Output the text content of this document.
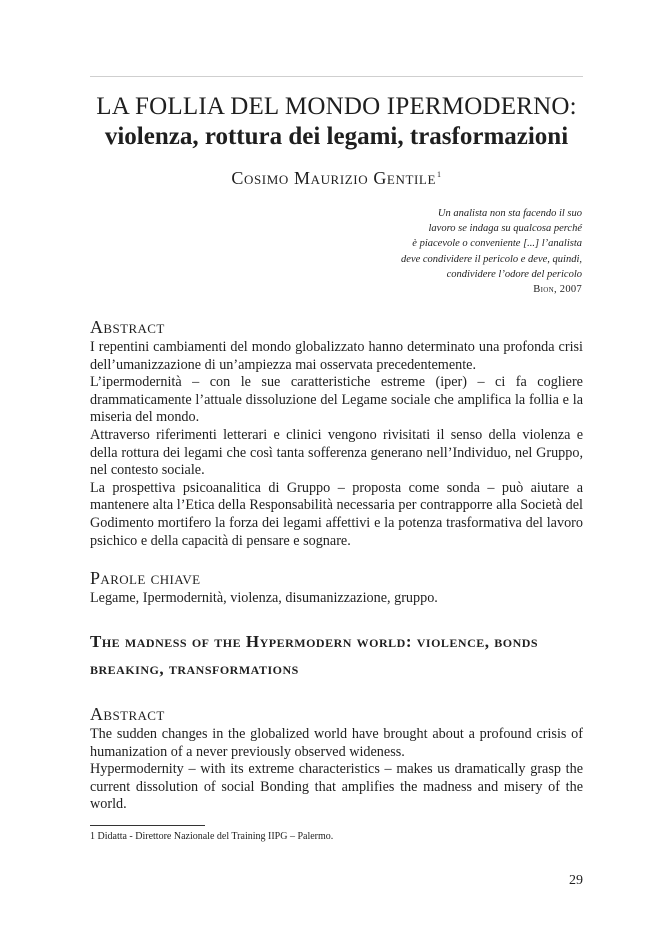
LA FOLLIA DEL MONDO IPERMODERNO:
violenza, rottura dei legami, trasformazioni
Cosimo Maurizio Gentile$^1$
Un analista non sta facendo il suo
lavoro se indaga su qualcosa perché
è piacevole o conveniente [...] l’analista
deve condividere il pericolo e deve, quindi,
condividere l’odore del pericolo
Bion, 2007
Abstract

I repentini cambiamenti del mondo globalizzato hanno determinato una profonda crisi dell’umanizzazione di un’ampiezza mai osservata precedentemente.

L’ipermodernità – con le sue caratteristiche estreme (iper) – ci fa cogliere drammaticamente l’attuale dissoluzione del Legame sociale che amplifica la follia e la miseria del mondo.

Attraverso riferimenti letterari e clinici vengono rivisitati il senso della violenza e della rottura dei legami che così tanta sofferenza generano nell’Individuo, nel Gruppo, nel contesto sociale.

La prospettiva psicoanalitica di Gruppo – proposta come sonda – può aiutare a mantenere alta l’Etica della Responsabilità necessaria per contrapporre alla Società del Godimento mortifero la forza dei legami affettivi e la potenza trasformativa del lavoro psichico e della capacità di pensare e sognare.

Parole chiave
Legame, Ipermodernità, violenza, disumanizzazione, gruppo.
The madness of the Hypermodern world: violence, bonds breaking, transformations
Abstract

The sudden changes in the globalized world have brought about a profound crisis of humanization of a never previously observed wideness.

Hypermodernity – with its extreme characteristics – makes us dramatically grasp the current dissolution of social Bonding that amplifies the madness and misery of the world.

1 Didatta - Direttore Nazionale del Training IIPG – Palermo.
29
